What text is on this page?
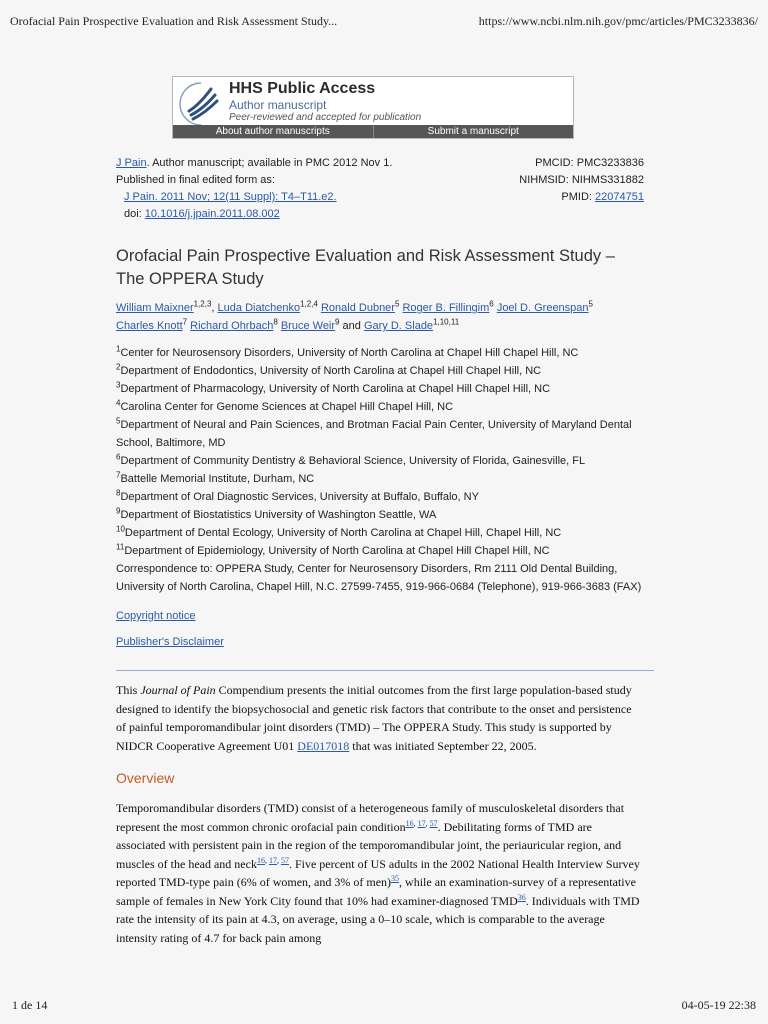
Orofacial Pain Prospective Evaluation and Risk Assessment Study...	https://www.ncbi.nlm.nih.gov/pmc/articles/PMC3233836/
HHS Public Access
Author manuscript
Peer-reviewed and accepted for publication
About author manuscripts	Submit a manuscript
J Pain. Author manuscript; available in PMC 2012 Nov 1.	PMCID: PMC3233836
Published in final edited form as:	NIHMSID: NIHMS331882
J Pain. 2011 Nov; 12(11 Suppl): T4–T11.e2.	PMID: 22074751
doi: 10.1016/j.jpain.2011.08.002
Orofacial Pain Prospective Evaluation and Risk Assessment Study – The OPPERA Study
William Maixner$^{1,2,3}$, Luda Diatchenko$^{1,2,4}$ Ronald Dubner$^5$ Roger B. Fillingim$^6$ Joel D. Greenspan$^5$
Charles Knott$^7$ Richard Ohrbach$^8$ Bruce Weir$^9$ and Gary D. Slade$^{1,10,11}$
$^1$Center for Neurosensory Disorders, University of North Carolina at Chapel Hill Chapel Hill, NC
$^2$Department of Endodontics, University of North Carolina at Chapel Hill Chapel Hill, NC
$^3$Department of Pharmacology, University of North Carolina at Chapel Hill Chapel Hill, NC
$^4$Carolina Center for Genome Sciences at Chapel Hill Chapel Hill, NC
$^5$Department of Neural and Pain Sciences, and Brotman Facial Pain Center, University of Maryland Dental School, Baltimore, MD
$^6$Department of Community Dentistry & Behavioral Science, University of Florida, Gainesville, FL
$^7$Battelle Memorial Institute, Durham, NC
$^8$Department of Oral Diagnostic Services, University at Buffalo, Buffalo, NY
$^9$Department of Biostatistics University of Washington Seattle, WA
$^{10}$Department of Dental Ecology, University of North Carolina at Chapel Hill, Chapel Hill, NC
$^{11}$Department of Epidemiology, University of North Carolina at Chapel Hill Chapel Hill, NC
Correspondence to: OPPERA Study, Center for Neurosensory Disorders, Rm 2111 Old Dental Building, University of North Carolina, Chapel Hill, N.C. 27599-7455, 919-966-0684 (Telephone), 919-966-3683 (FAX)
Copyright notice
Publisher's Disclaimer
This Journal of Pain Compendium presents the initial outcomes from the first large population-based study designed to identify the biopsychosocial and genetic risk factors that contribute to the onset and persistence of painful temporomandibular joint disorders (TMD) – The OPPERA Study. This study is supported by NIDCR Cooperative Agreement U01 DE017018 that was initiated September 22, 2005.
Overview
Temporomandibular disorders (TMD) consist of a heterogeneous family of musculoskeletal disorders that represent the most common chronic orofacial pain condition$^{16, 17, 57}$. Debilitating forms of TMD are associated with persistent pain in the region of the temporomandibular joint, the periauricular region, and muscles of the head and neck$^{16, 17, 57}$. Five percent of US adults in the 2002 National Health Interview Survey reported TMD-type pain (6% of women, and 3% of men)$^{35}$, while an examination-survey of a representative sample of females in New York City found that 10% had examiner-diagnosed TMD$^{36}$. Individuals with TMD rate the intensity of its pain at 4.3, on average, using a 0–10 scale, which is comparable to the average intensity rating of 4.7 for back pain among
1 de 14	04-05-19 22:38
